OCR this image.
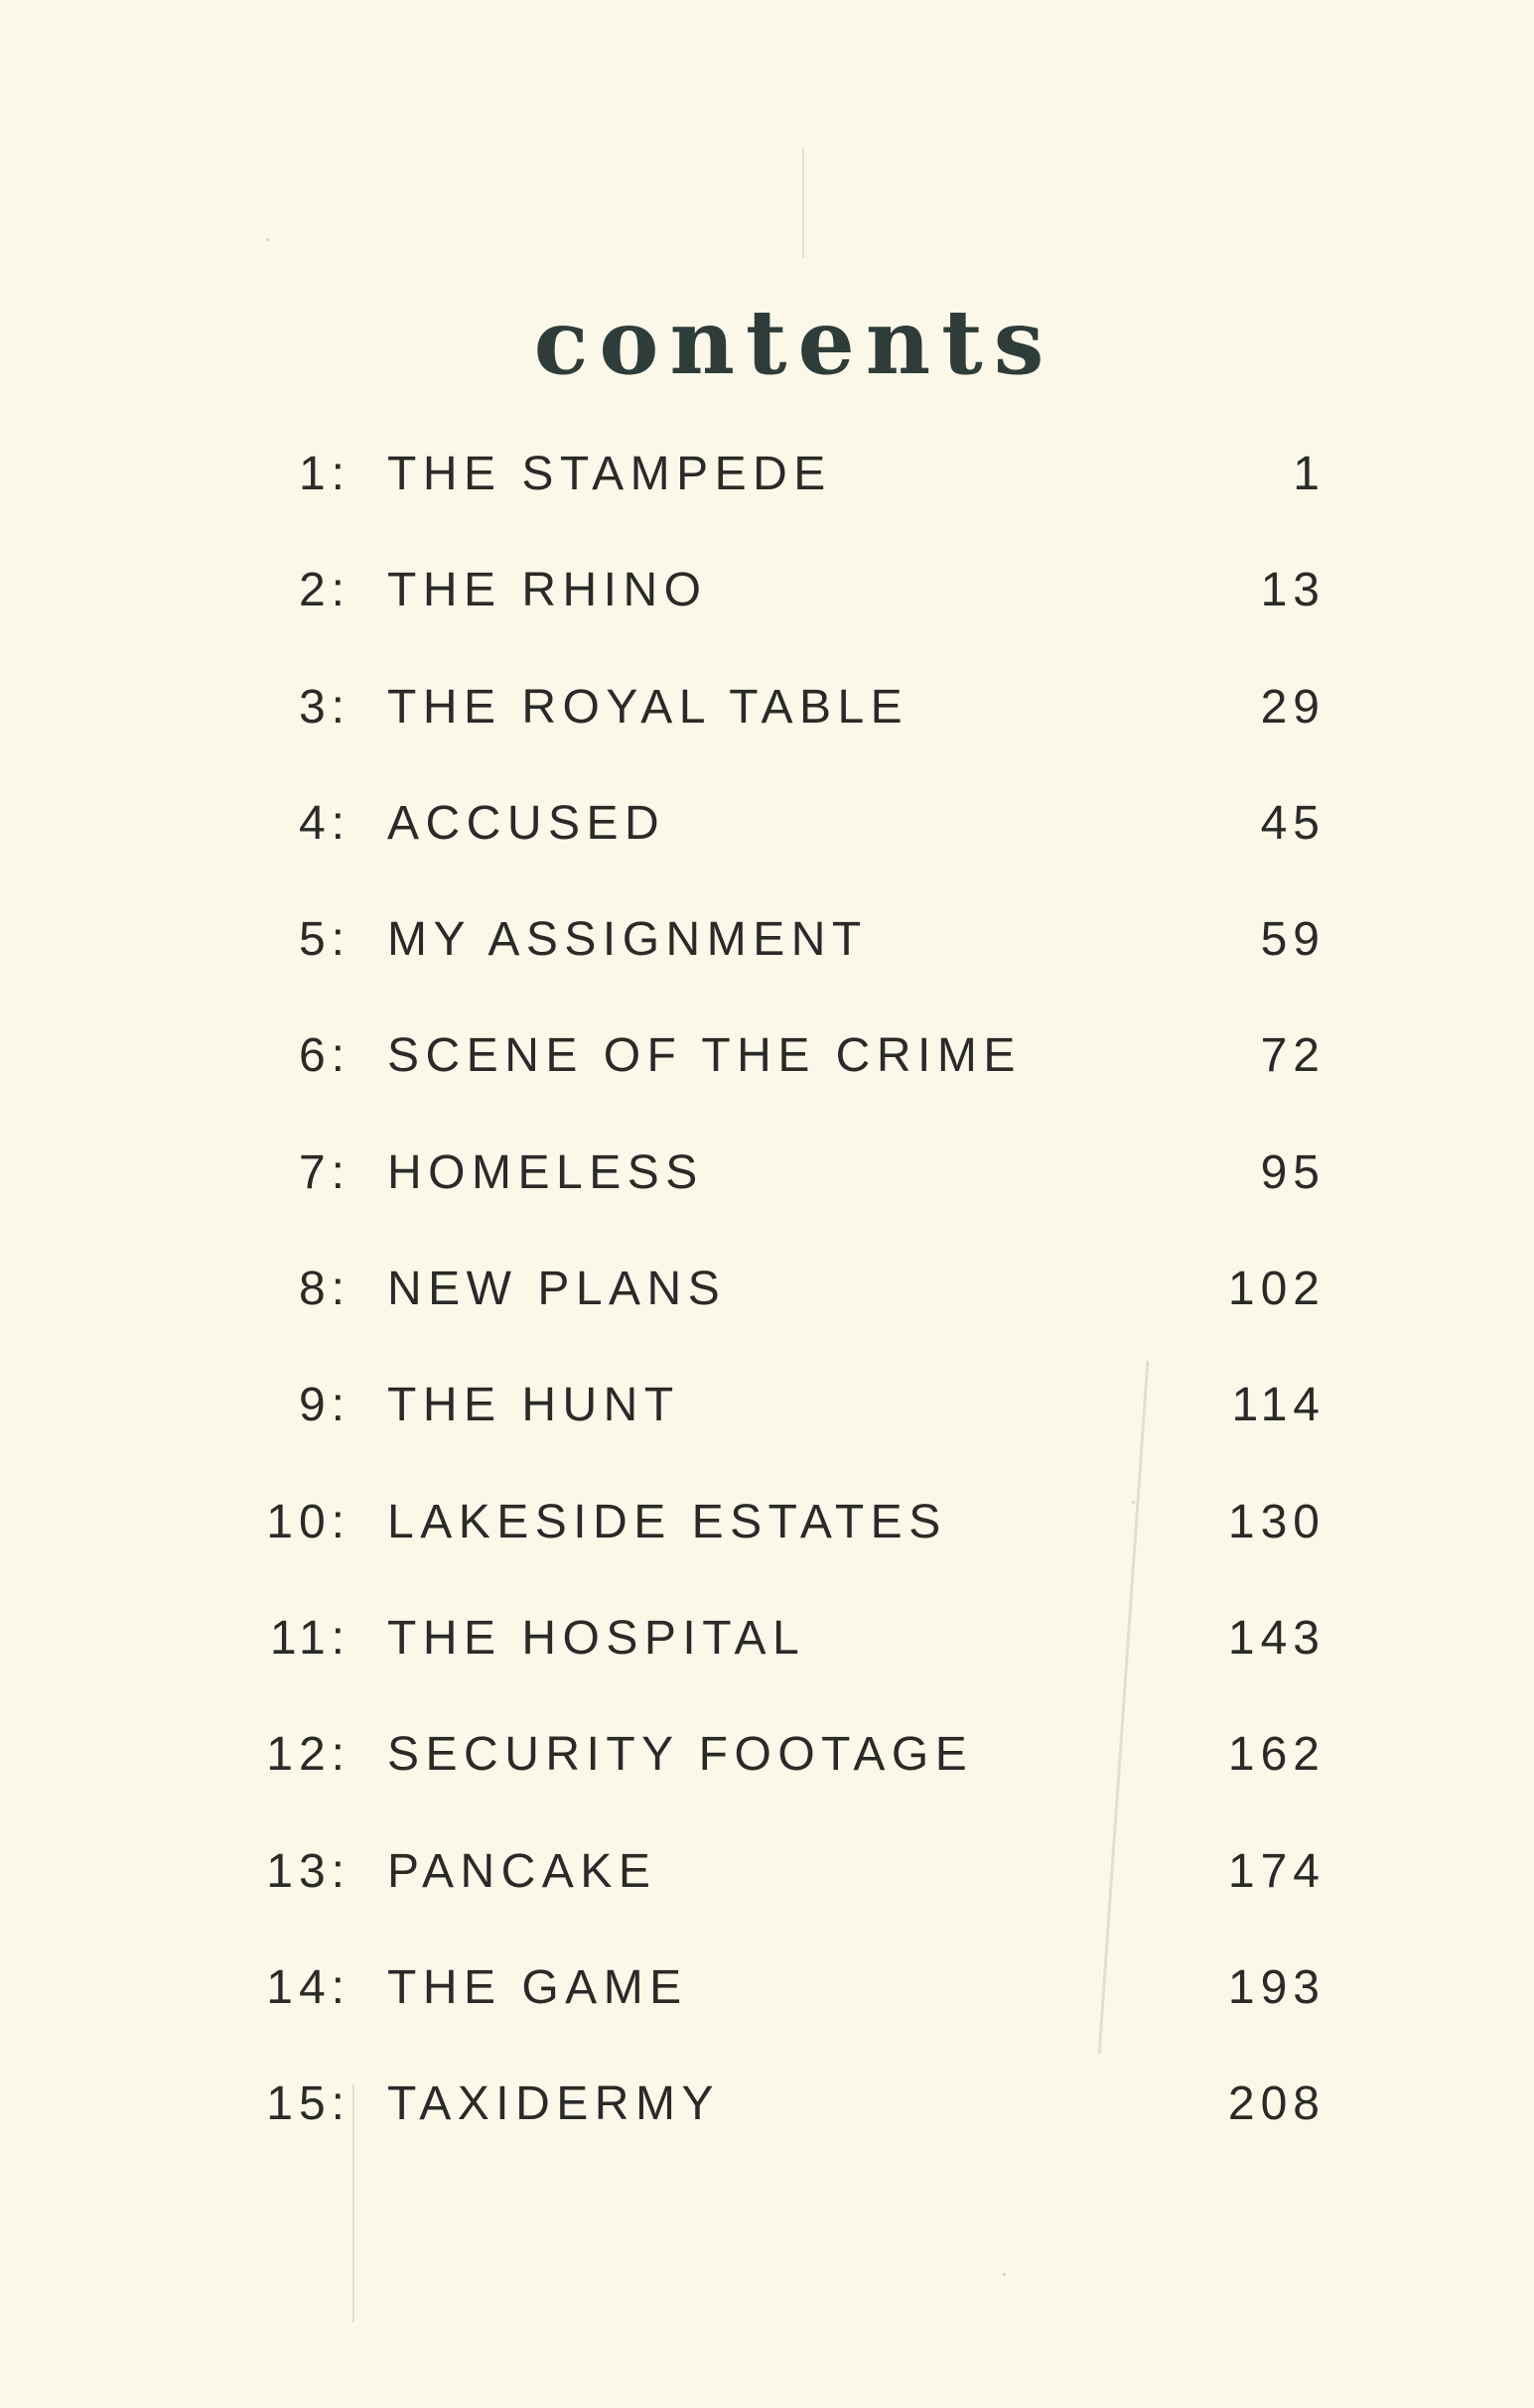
contents
1: THE STAMPEDE	1
2: THE RHINO	13
3: THE ROYAL TABLE	29
4: ACCUSED	45
5: MY ASSIGNMENT	59
6: SCENE OF THE CRIME	72
7: HOMELESS	95
8: NEW PLANS	102
9: THE HUNT	114
10: LAKESIDE ESTATES	130
11: THE HOSPITAL	143
12: SECURITY FOOTAGE	162
13: PANCAKE	174
14: THE GAME	193
15: TAXIDERMY	208
